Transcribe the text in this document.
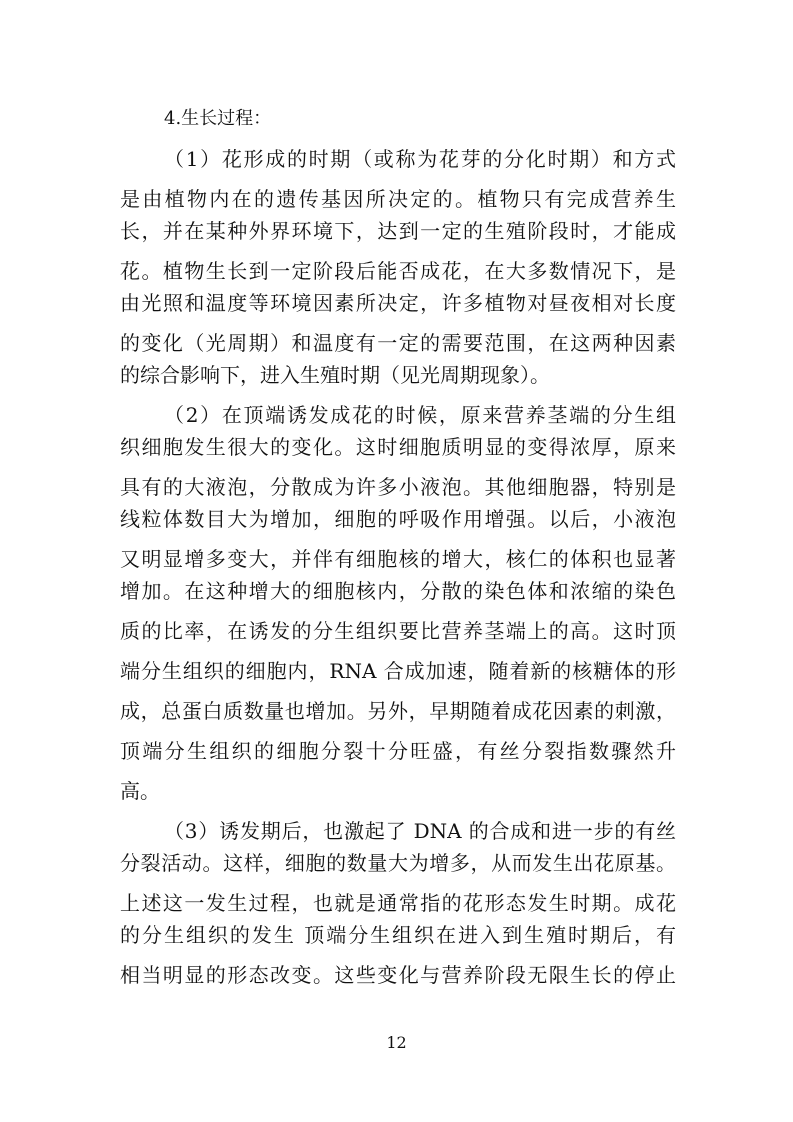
4.生长过程：
（1）花形成的时期（或称为花芽的分化时期）和方式
是由植物内在的遗传基因所决定的。植物只有完成营养生
长，并在某种外界环境下，达到一定的生殖阶段时，才能成
花。植物生长到一定阶段后能否成花，在大多数情况下，是
由光照和温度等环境因素所决定，许多植物对昼夜相对长度
的变化（光周期）和温度有一定的需要范围，在这两种因素
的综合影响下，进入生殖时期（见光周期现象）。
（2）在顶端诱发成花的时候，原来营养茎端的分生组
织细胞发生很大的变化。这时细胞质明显的变得浓厚，原来
具有的大液泡，分散成为许多小液泡。其他细胞器，特别是
线粒体数目大为增加，细胞的呼吸作用增强。以后，小液泡
又明显增多变大，并伴有细胞核的增大，核仁的体积也显著
增加。在这种增大的细胞核内，分散的染色体和浓缩的染色
质的比率，在诱发的分生组织要比营养茎端上的高。这时顶
端分生组织的细胞内，RNA 合成加速，随着新的核糖体的形
成，总蛋白质数量也增加。另外，早期随着成花因素的刺激，
顶端分生组织的细胞分裂十分旺盛，有丝分裂指数骤然升
高。
（3）诱发期后，也激起了 DNA 的合成和进一步的有丝
分裂活动。这样，细胞的数量大为增多，从而发生出花原基。
上述这一发生过程，也就是通常指的花形态发生时期。成花
的分生组织的发生 顶端分生组织在进入到生殖时期后，有
相当明显的形态改变。这些变化与营养阶段无限生长的停止
12
